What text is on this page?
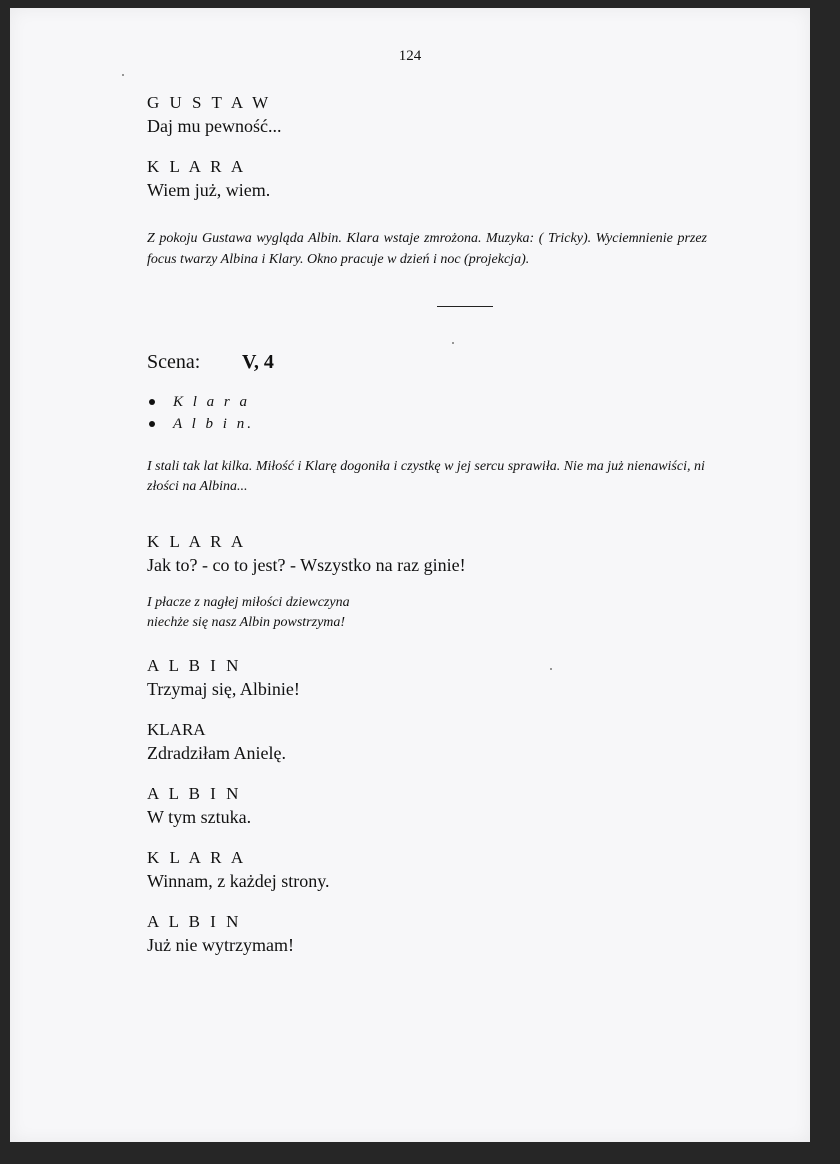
124

G U S T A W

Daj mu pewność...

K L A R A

Wiem już, wiem.

Z pokoju Gustawa wygląda Albin. Klara wstaje zmrożona. Muzyka: ( Tricky). Wyciemnienie przez focus twarzy Albina i Klary. Okno pracuje w dzień i noc (projekcja).

Scena:	V, 4
K l a r a
A l b i n.

I stali tak lat kilka. Miłość i Klarę dogoniła i czystkę w jej sercu sprawiła. Nie ma już nienawiści, ni złości na Albina...

K L A R A

Jak to? - co to jest? - Wszystko na raz ginie!

I płacze z nagłej miłości dziewczyna

niechże się nasz Albin powstrzyma!

A L B I N

Trzymaj się, Albinie!

KLARA

Zdradziłam Anielę.

A L B I N

W tym sztuka.

K L A R A

Winnam, z każdej strony.

A L B I N

Już nie wytrzymam!
